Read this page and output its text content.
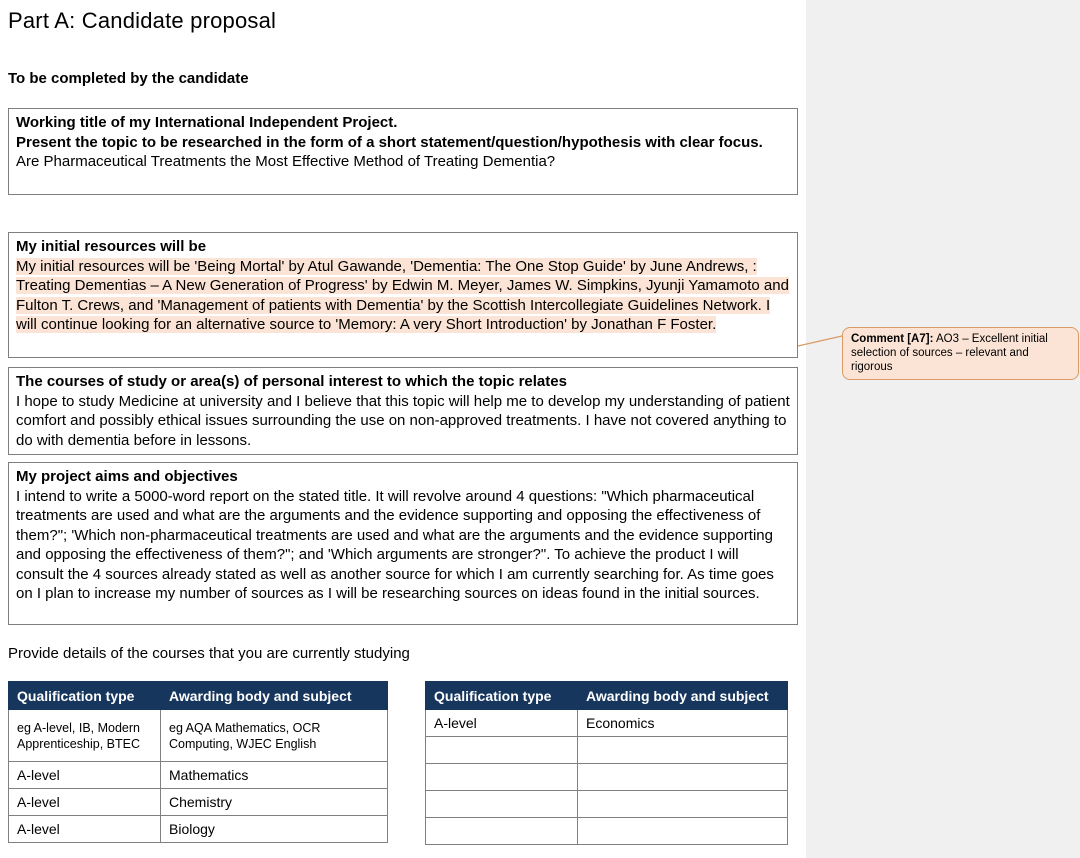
Part A: Candidate proposal
To be completed by the candidate

Working title of my International Independent Project.

Present the topic to be researched in the form of a short statement/question/hypothesis with clear focus.

Are Pharmaceutical Treatments the Most Effective Method of Treating Dementia?

My initial resources will be

My initial resources will be 'Being Mortal' by Atul Gawande, 'Dementia: The One Stop Guide' by June Andrews, : Treating Dementias – A New Generation of Progress' by Edwin M. Meyer, James W. Simpkins, Jyunji Yamamoto and Fulton T. Crews, and 'Management of patients with Dementia' by the Scottish Intercollegiate Guidelines Network. I will continue looking for an alternative source to 'Memory: A very Short Introduction' by Jonathan F Foster.

Comment [A7]: AO3 – Excellent initial selection of sources – relevant and rigorous

The courses of study or area(s) of personal interest to which the topic relates

I hope to study Medicine at university and I believe that this topic will help me to develop my understanding of patient comfort and possibly ethical issues surrounding the use on non-approved treatments. I have not covered anything to do with dementia before in lessons.

My project aims and objectives

I intend to write a 5000-word report on the stated title. It will revolve around 4 questions: "Which pharmaceutical treatments are used and what are the arguments and the evidence supporting and opposing the effectiveness of them?"; 'Which non-pharmaceutical treatments are used and what are the arguments and the evidence supporting and opposing the effectiveness of them?"; and 'Which arguments are stronger?". To achieve the product I will consult the 4 sources already stated as well as another source for which I am currently searching for. As time goes on I plan to increase my number of sources as I will be researching sources on ideas found in the initial sources.

Provide details of the courses that you are currently studying
Qualification type	Awarding body and subject
eg A-level, IB, Modern Apprenticeship, BTEC	eg AQA Mathematics, OCR Computing, WJEC English
A-level	Mathematics
A-level	Chemistry
A-level	Biology
Qualification type	Awarding body and subject
A-level	Economics
